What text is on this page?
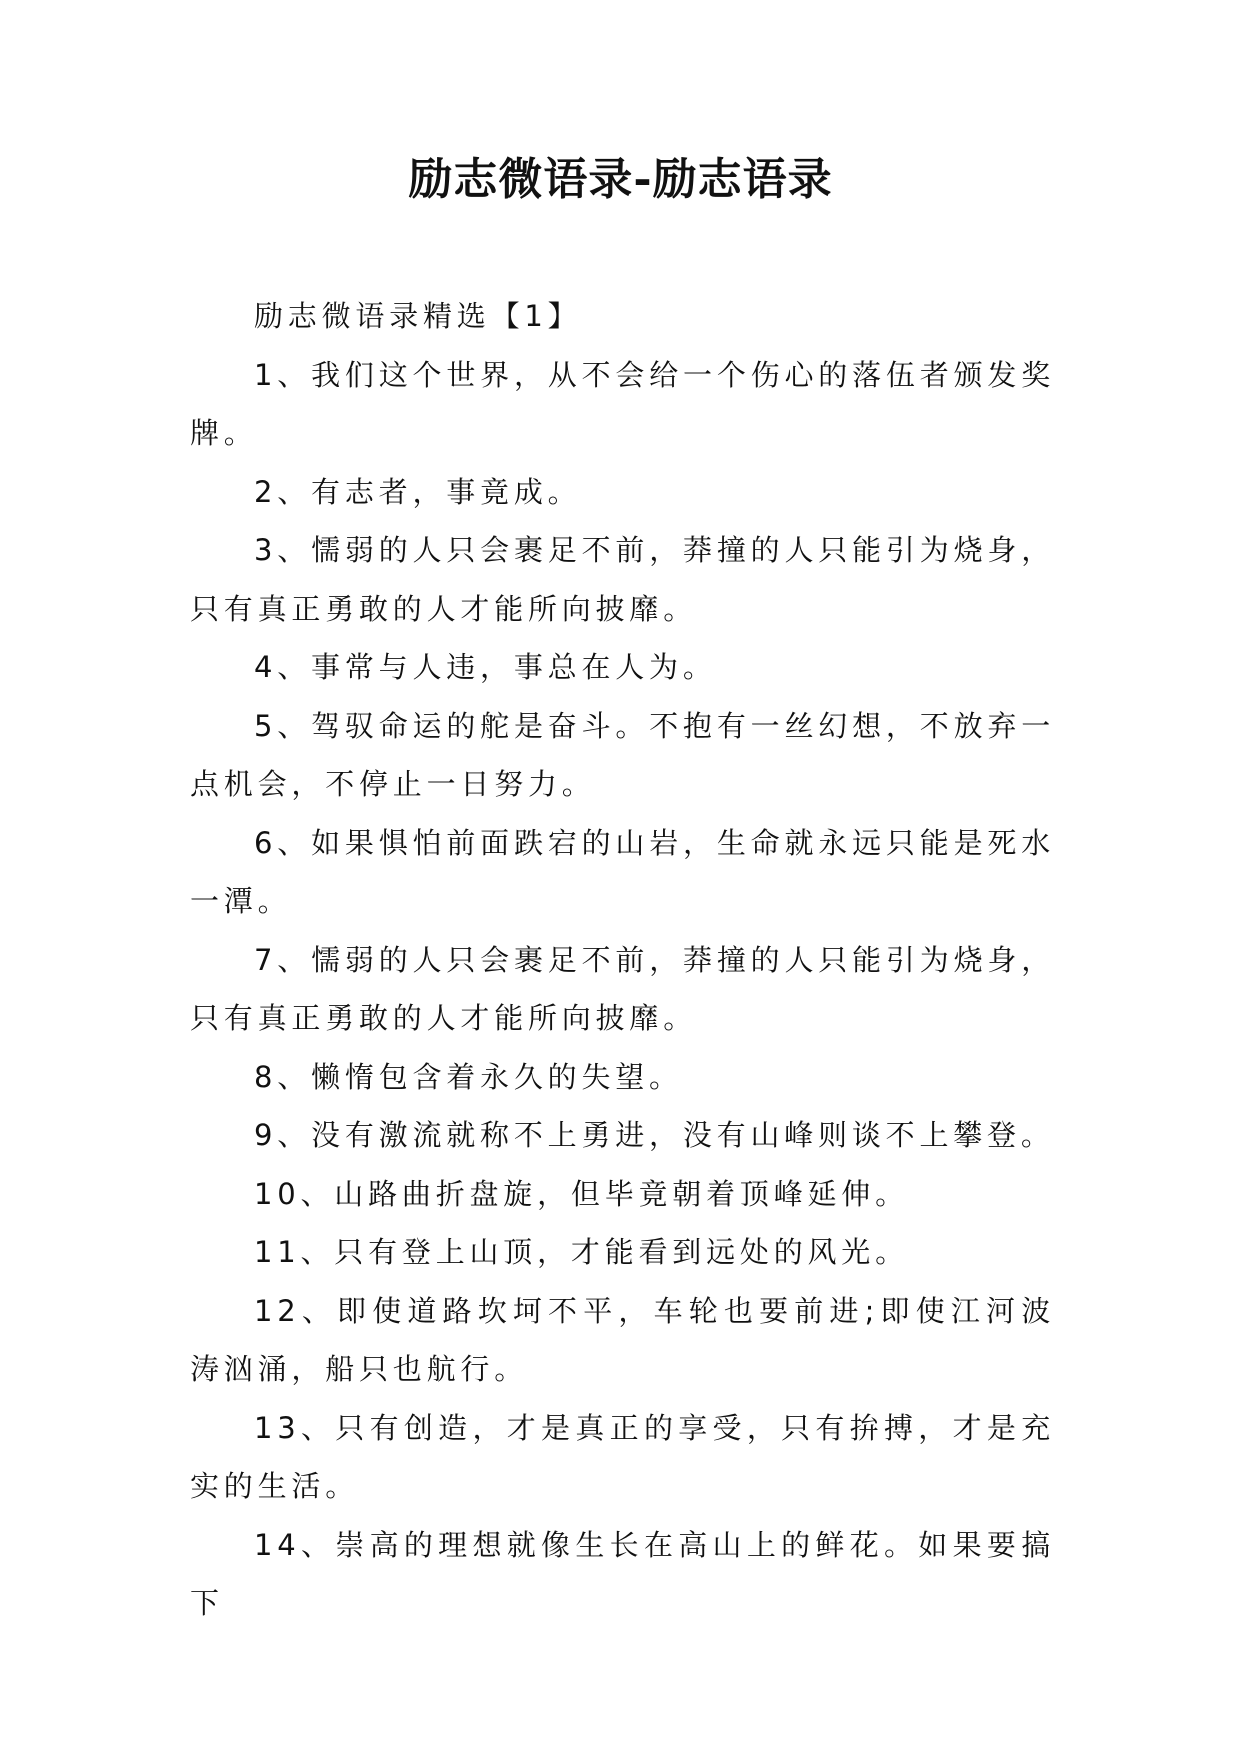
励志微语录-励志语录

励志微语录精选【1】

1、我们这个世界，从不会给一个伤心的落伍者颁发奖牌。

2、有志者，事竟成。

3、懦弱的人只会裹足不前，莽撞的人只能引为烧身，只有真正勇敢的人才能所向披靡。

4、事常与人违，事总在人为。

5、驾驭命运的舵是奋斗。不抱有一丝幻想，不放弃一点机会，不停止一日努力。

6、如果惧怕前面跌宕的山岩，生命就永远只能是死水一潭。

7、懦弱的人只会裹足不前，莽撞的人只能引为烧身，只有真正勇敢的人才能所向披靡。

8、懒惰包含着永久的失望。

9、没有激流就称不上勇进，没有山峰则谈不上攀登。

10、山路曲折盘旋，但毕竟朝着顶峰延伸。

11、只有登上山顶，才能看到远处的风光。

12、即使道路坎坷不平，车轮也要前进;即使江河波涛汹涌，船只也航行。

13、只有创造，才是真正的享受，只有拚搏，才是充实的生活。

14、崇高的理想就像生长在高山上的鲜花。如果要搞下
